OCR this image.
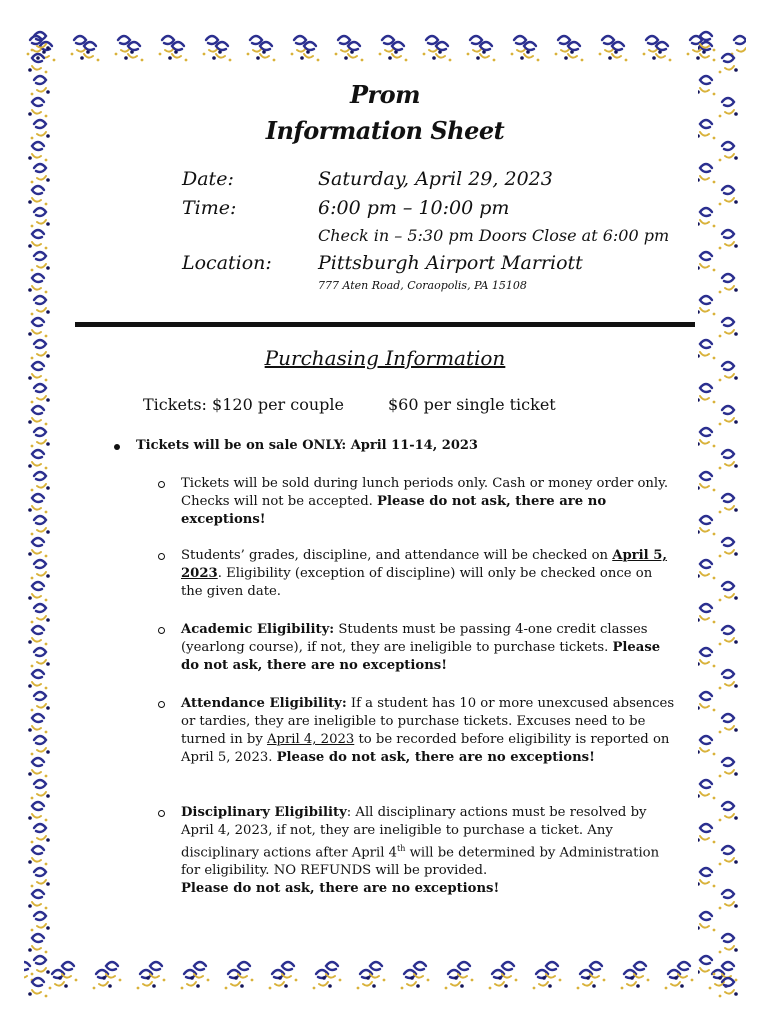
Prom
Information Sheet
Date:	Saturday, April 29, 2023
Time:	6:00 pm – 10:00 pm
Check in – 5:30 pm Doors Close at 6:00 pm
Location: Pittsburgh Airport Marriott
777 Aten Road, Coraopolis, PA 15108
Purchasing Information
Tickets: $120 per couple	$60 per single ticket
Tickets will be on sale ONLY: April 11-14, 2023
Tickets will be sold during lunch periods only. Cash or money order only. Checks will not be accepted. Please do not ask, there are no exceptions!
Students’ grades, discipline, and attendance will be checked on April 5, 2023. Eligibility (exception of discipline) will only be checked once on the given date.
Academic Eligibility: Students must be passing 4-one credit classes (yearlong course), if not, they are ineligible to purchase tickets. Please do not ask, there are no exceptions!
Attendance Eligibility: If a student has 10 or more unexcused absences or tardies, they are ineligible to purchase tickets. Excuses need to be turned in by April 4, 2023 to be recorded before eligibility is reported on April 5, 2023. Please do not ask, there are no exceptions!
Disciplinary Eligibility: All disciplinary actions must be resolved by April 4, 2023, if not, they are ineligible to purchase a ticket. Any disciplinary actions after April 4th will be determined by Administration for eligibility. NO REFUNDS will be provided.
Please do not ask, there are no exceptions!
